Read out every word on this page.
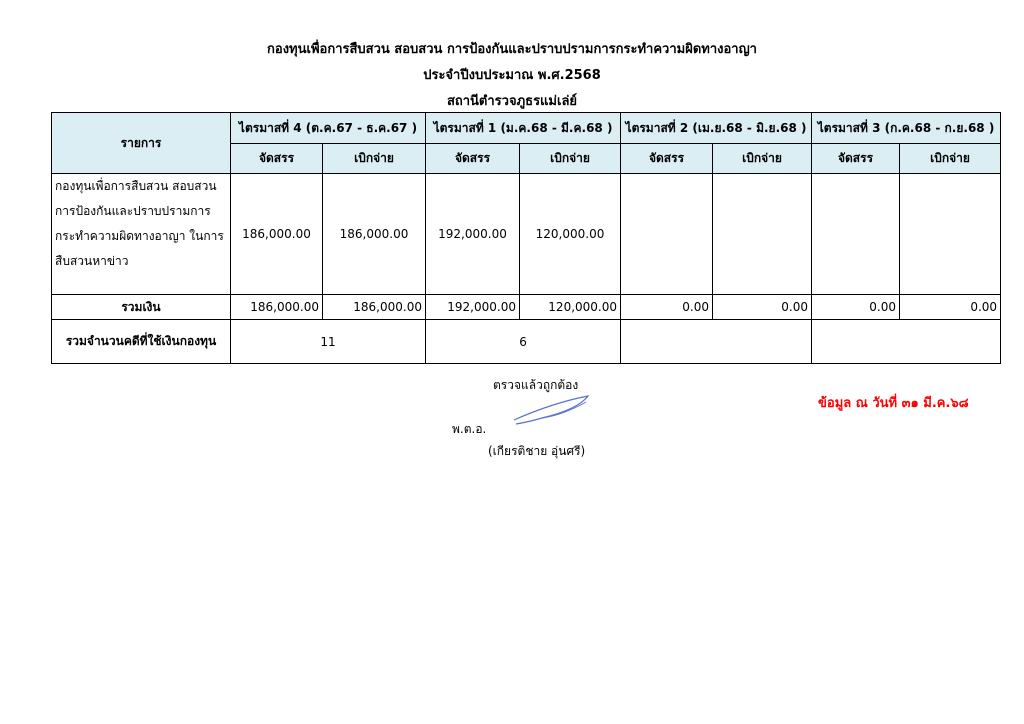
กองทุนเพื่อการสืบสวน สอบสวน การป้องกันและปราบปรามการกระทำความผิดทางอาญา
ประจำปีงบประมาณ พ.ศ.2568
สถานีตำรวจภูธรแม่เล่ย์
รายการ	ไตรมาสที่ 4 (ต.ค.67 - ธ.ค.67 )		ไตรมาสที่ 1 (ม.ค.68 - มี.ค.68 )		ไตรมาสที่ 2 (เม.ย.68 - มิ.ย.68 )		ไตรมาสที่ 3 (ก.ค.68 - ก.ย.68 )	
	จัดสรร	เบิกจ่าย	จัดสรร	เบิกจ่าย	จัดสรร	เบิกจ่าย	จัดสรร	เบิกจ่าย

กองทุนเพื่อการสืบสวน สอบสวน
การป้องกันและปราบปรามการ
กระทำความผิดทางอาญา ในการ
สืบสวนหาข่าว	186,000.00	186,000.00	192,000.00	120,000.00				
รวมเงิน	186,000.00	186,000.00	192,000.00	120,000.00	0.00	0.00	0.00	0.00
รวมจำนวนคดีที่ใช้เงินกองทุน	11		6					
ตรวจแล้วถูกต้อง
พ.ต.อ.
(เกียรติชาย อุ่นศรี)
ข้อมูล ณ วันที่ ๓๑ มี.ค.๖๘
